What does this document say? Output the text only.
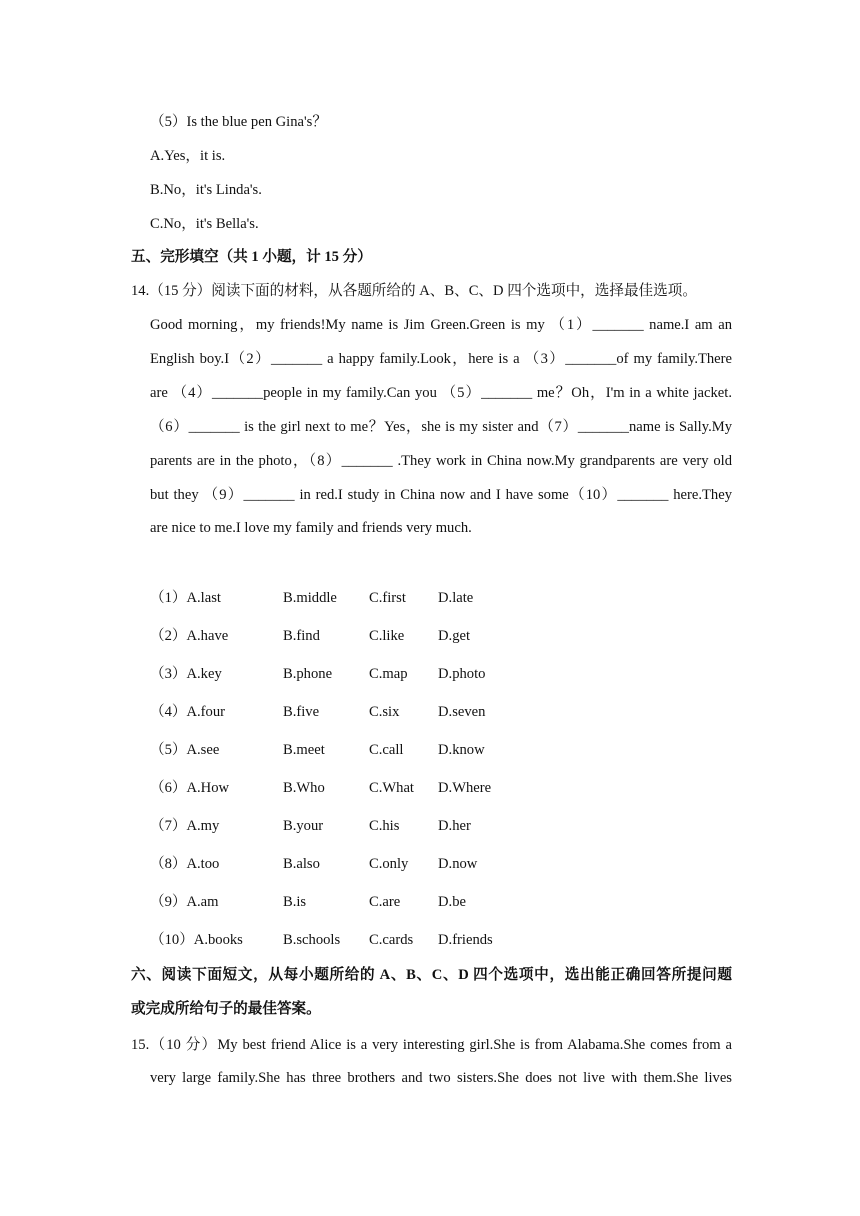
（5）Is the blue pen Gina's？
A.Yes，it is.
B.No，it's Linda's.
C.No，it's Bella's.
五、完形填空（共 1 小题，计 15 分）
14.（15 分）阅读下面的材料，从各题所给的 A、B、C、D 四个选项中，选择最佳选项。
Good morning，my friends!My name is Jim Green.Green is my （1）_______ name.I am an
English boy.I（2）_______ a happy family.Look，here is a （3）_______of my family.There
are （4）_______people in my family.Can you （5）_______ me？Oh，I'm in a white jacket.
（6）_______ is the girl next to me？Yes，she is my sister and（7）_______name is Sally.My
parents are in the photo，（8）_______ .They work in China now.My grandparents are very old
but they （9）_______ in red.I study in China now and I have some（10）_______ here.They
are nice to me.I love my family and friends very much.
（1）A.last	B.middle C.first D.late
（2）A.have	B.find	C.like D.get
（3）A.key	B.phone	C.map D.photo
（4）A.four	B.five	C.six	D.seven
（5）A.see	B.meet	C.call D.know
（6）A.How	B.Who	C.What D.Where
（7）A.my	B.your	C.his	D.her
（8）A.too	B.also	C.only D.now
（9）A.am	B.is	C.are	D.be
（10）A.books	B.schools C.cards D.friends
六、阅读下面短文，从每小题所给的 A、B、C、D 四个选项中，选出能正确回答所提问题
或完成所给句子的最佳答案。
15.（10 分）My best friend Alice is a very interesting girl.She is from Alabama.She comes from a
very large family.She has three brothers and two sisters.She does not live with them.She lives
